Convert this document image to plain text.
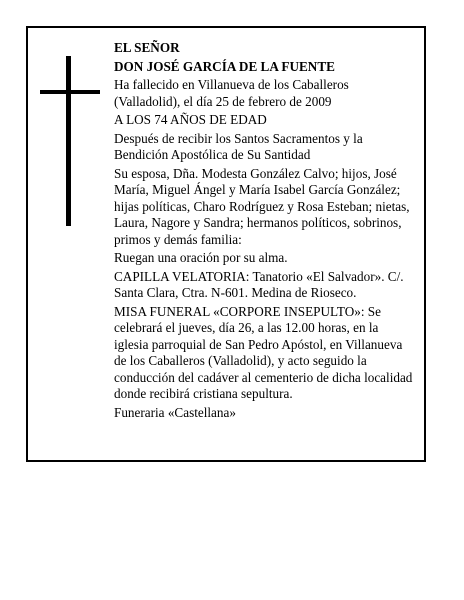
EL SEÑOR

DON JOSÉ GARCÍA DE LA FUENTE

Ha fallecido en Villanueva de los Caballeros (Valladolid), el día 25 de febrero de 2009

A LOS 74 AÑOS DE EDAD

Después de recibir los Santos Sacramentos y la Bendición Apostólica de Su Santidad

Su esposa, Dña. Modesta González Calvo; hijos, José María, Miguel Ángel y María Isabel García González; hijas políticas, Charo Rodríguez y Rosa Esteban; nietas, Laura, Nagore y Sandra; hermanos políticos, sobrinos, primos y demás familia:

Ruegan una oración por su alma.

CAPILLA VELATORIA: Tanatorio «El Salvador». C/. Santa Clara, Ctra. N-601. Medina de Rioseco.

MISA FUNERAL «CORPORE INSEPULTO»: Se celebrará el jueves, día 26, a las 12.00 horas, en la iglesia parroquial de San Pedro Apóstol, en Villanueva de los Caballeros (Valladolid), y acto seguido la conducción del cadáver al cementerio de dicha localidad donde recibirá cristiana sepultura.

Funeraria «Castellana»
